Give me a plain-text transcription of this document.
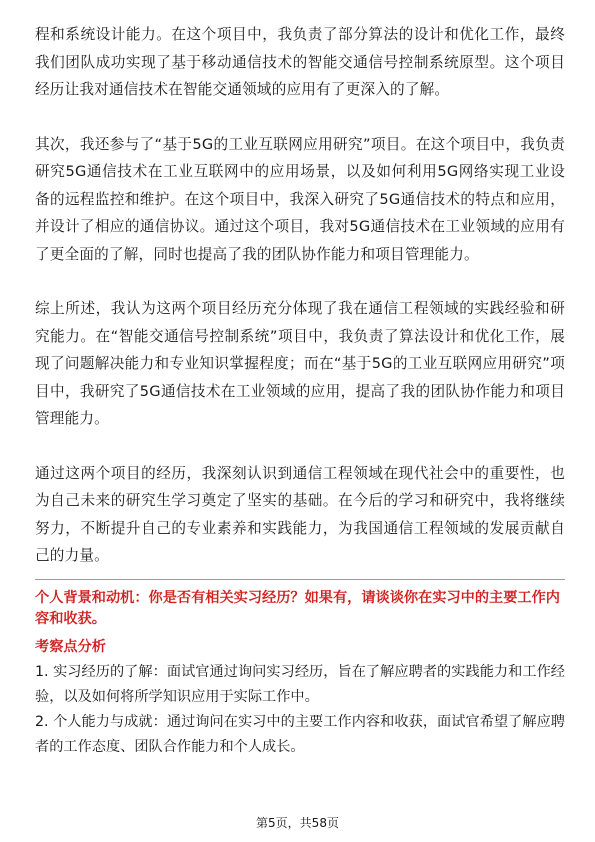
程和系统设计能力。在这个项目中，我负责了部分算法的设计和优化工作，最终我们团队成功实现了基于移动通信技术的智能交通信号控制系统原型。这个项目经历让我对通信技术在智能交通领域的应用有了更深入的了解。

其次，我还参与了“基于5G的工业互联网应用研究”项目。在这个项目中，我负责研究5G通信技术在工业互联网中的应用场景，以及如何利用5G网络实现工业设备的远程监控和维护。在这个项目中，我深入研究了5G通信技术的特点和应用，并设计了相应的通信协议。通过这个项目，我对5G通信技术在工业领域的应用有了更全面的了解，同时也提高了我的团队协作能力和项目管理能力。

综上所述，我认为这两个项目经历充分体现了我在通信工程领域的实践经验和研究能力。在“智能交通信号控制系统”项目中，我负责了算法设计和优化工作，展现了问题解决能力和专业知识掌握程度；而在“基于5G的工业互联网应用研究”项目中，我研究了5G通信技术在工业领域的应用，提高了我的团队协作能力和项目管理能力。

通过这两个项目的经历，我深刻认识到通信工程领域在现代社会中的重要性，也为自己未来的研究生学习奠定了坚实的基础。在今后的学习和研究中，我将继续努力，不断提升自己的专业素养和实践能力，为我国通信工程领域的发展贡献自己的力量。

个人背景和动机：你是否有相关实习经历？如果有，请谈谈你在实习中的主要工作内容和收获。

考察点分析

1. 实习经历的了解：面试官通过询问实习经历，旨在了解应聘者的实践能力和工作经验，以及如何将所学知识应用于实际工作中。

2. 个人能力与成就：通过询问在实习中的主要工作内容和收获，面试官希望了解应聘者的工作态度、团队合作能力和个人成长。

第5页，共58页
